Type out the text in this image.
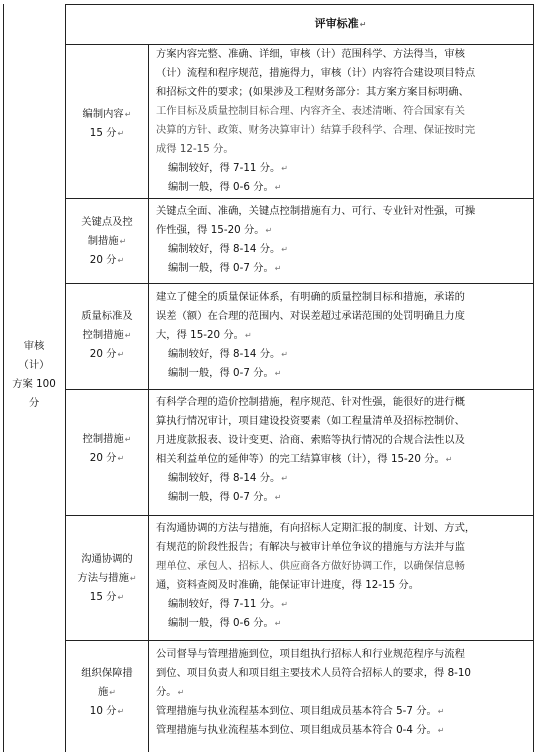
评审标准↵
审核
（计）
方案 100
分
编制内容↵
15 分↵
方案内容完整、准确、详细，审核（计）范围科学、方法得当，审核
（计）流程和程序规范，措施得力，审核（计）内容符合建设项目特点
和招标文件的要求；(如果涉及工程财务部分：其方案方案目标明确、
工作目标及质量控制目标合理、内容齐全、表述清晰、符合国家有关
决算的方针、政策、财务决算审计）结算手段科学、合理、保证按时完
成得 12-15 分。
编制较好，得 7-11 分。↵
编制一般，得 0-6 分。↵
关键点及控
制措施↵
20 分↵
关键点全面、准确，关键点控制措施有力、可行、专业针对性强，可操
作性强，得 15-20 分。↵
编制较好，得 8-14 分。↵
编制一般，得 0-7 分。↵
质量标准及
控制措施↵
20 分↵
建立了健全的质量保证体系，有明确的质量控制目标和措施，承诺的
误差（额）在合理的范围内、对误差超过承诺范围的处罚明确且力度
大，得 15-20 分。↵
编制较好，得 8-14 分。↵
编制一般，得 0-7 分。↵
控制措施↵
20 分↵
有科学合理的造价控制措施，程序规范、针对性强，能很好的进行概
算执行情况审计，项目建设投资要素（如工程量清单及招标控制价、
月进度款报表、设计变更、洽商、索赔等执行情况的合规合法性以及
相关利益单位的延伸等）的完工结算审核（计），得 15-20 分。↵
编制较好，得 8-14 分。↵
编制一般，得 0-7 分。↵
沟通协调的
方法与措施↵
15 分↵
有沟通协调的方法与措施，有向招标人定期汇报的制度、计划、方式，
有规范的阶段性报告；有解决与被审计单位争议的措施与方法并与监
理单位、承包人、招标人、供应商各方做好协调工作，以确保信息畅
通，资料查阅及时准确，能保证审计进度，得 12-15 分。
编制较好，得 7-11 分。↵
编制一般，得 0-6 分。↵
组织保障措
施↵
10 分↵
公司督导与管理措施到位，项目组执行招标人和行业规范程序与流程
到位、项目负责人和项目组主要技术人员符合招标人的要求，得 8-10
分。↵
管理措施与执业流程基本到位、项目组成员基本符合 5-7 分。↵
管理措施与执业流程基本到位、项目组成员基本符合 0-4 分。↵
